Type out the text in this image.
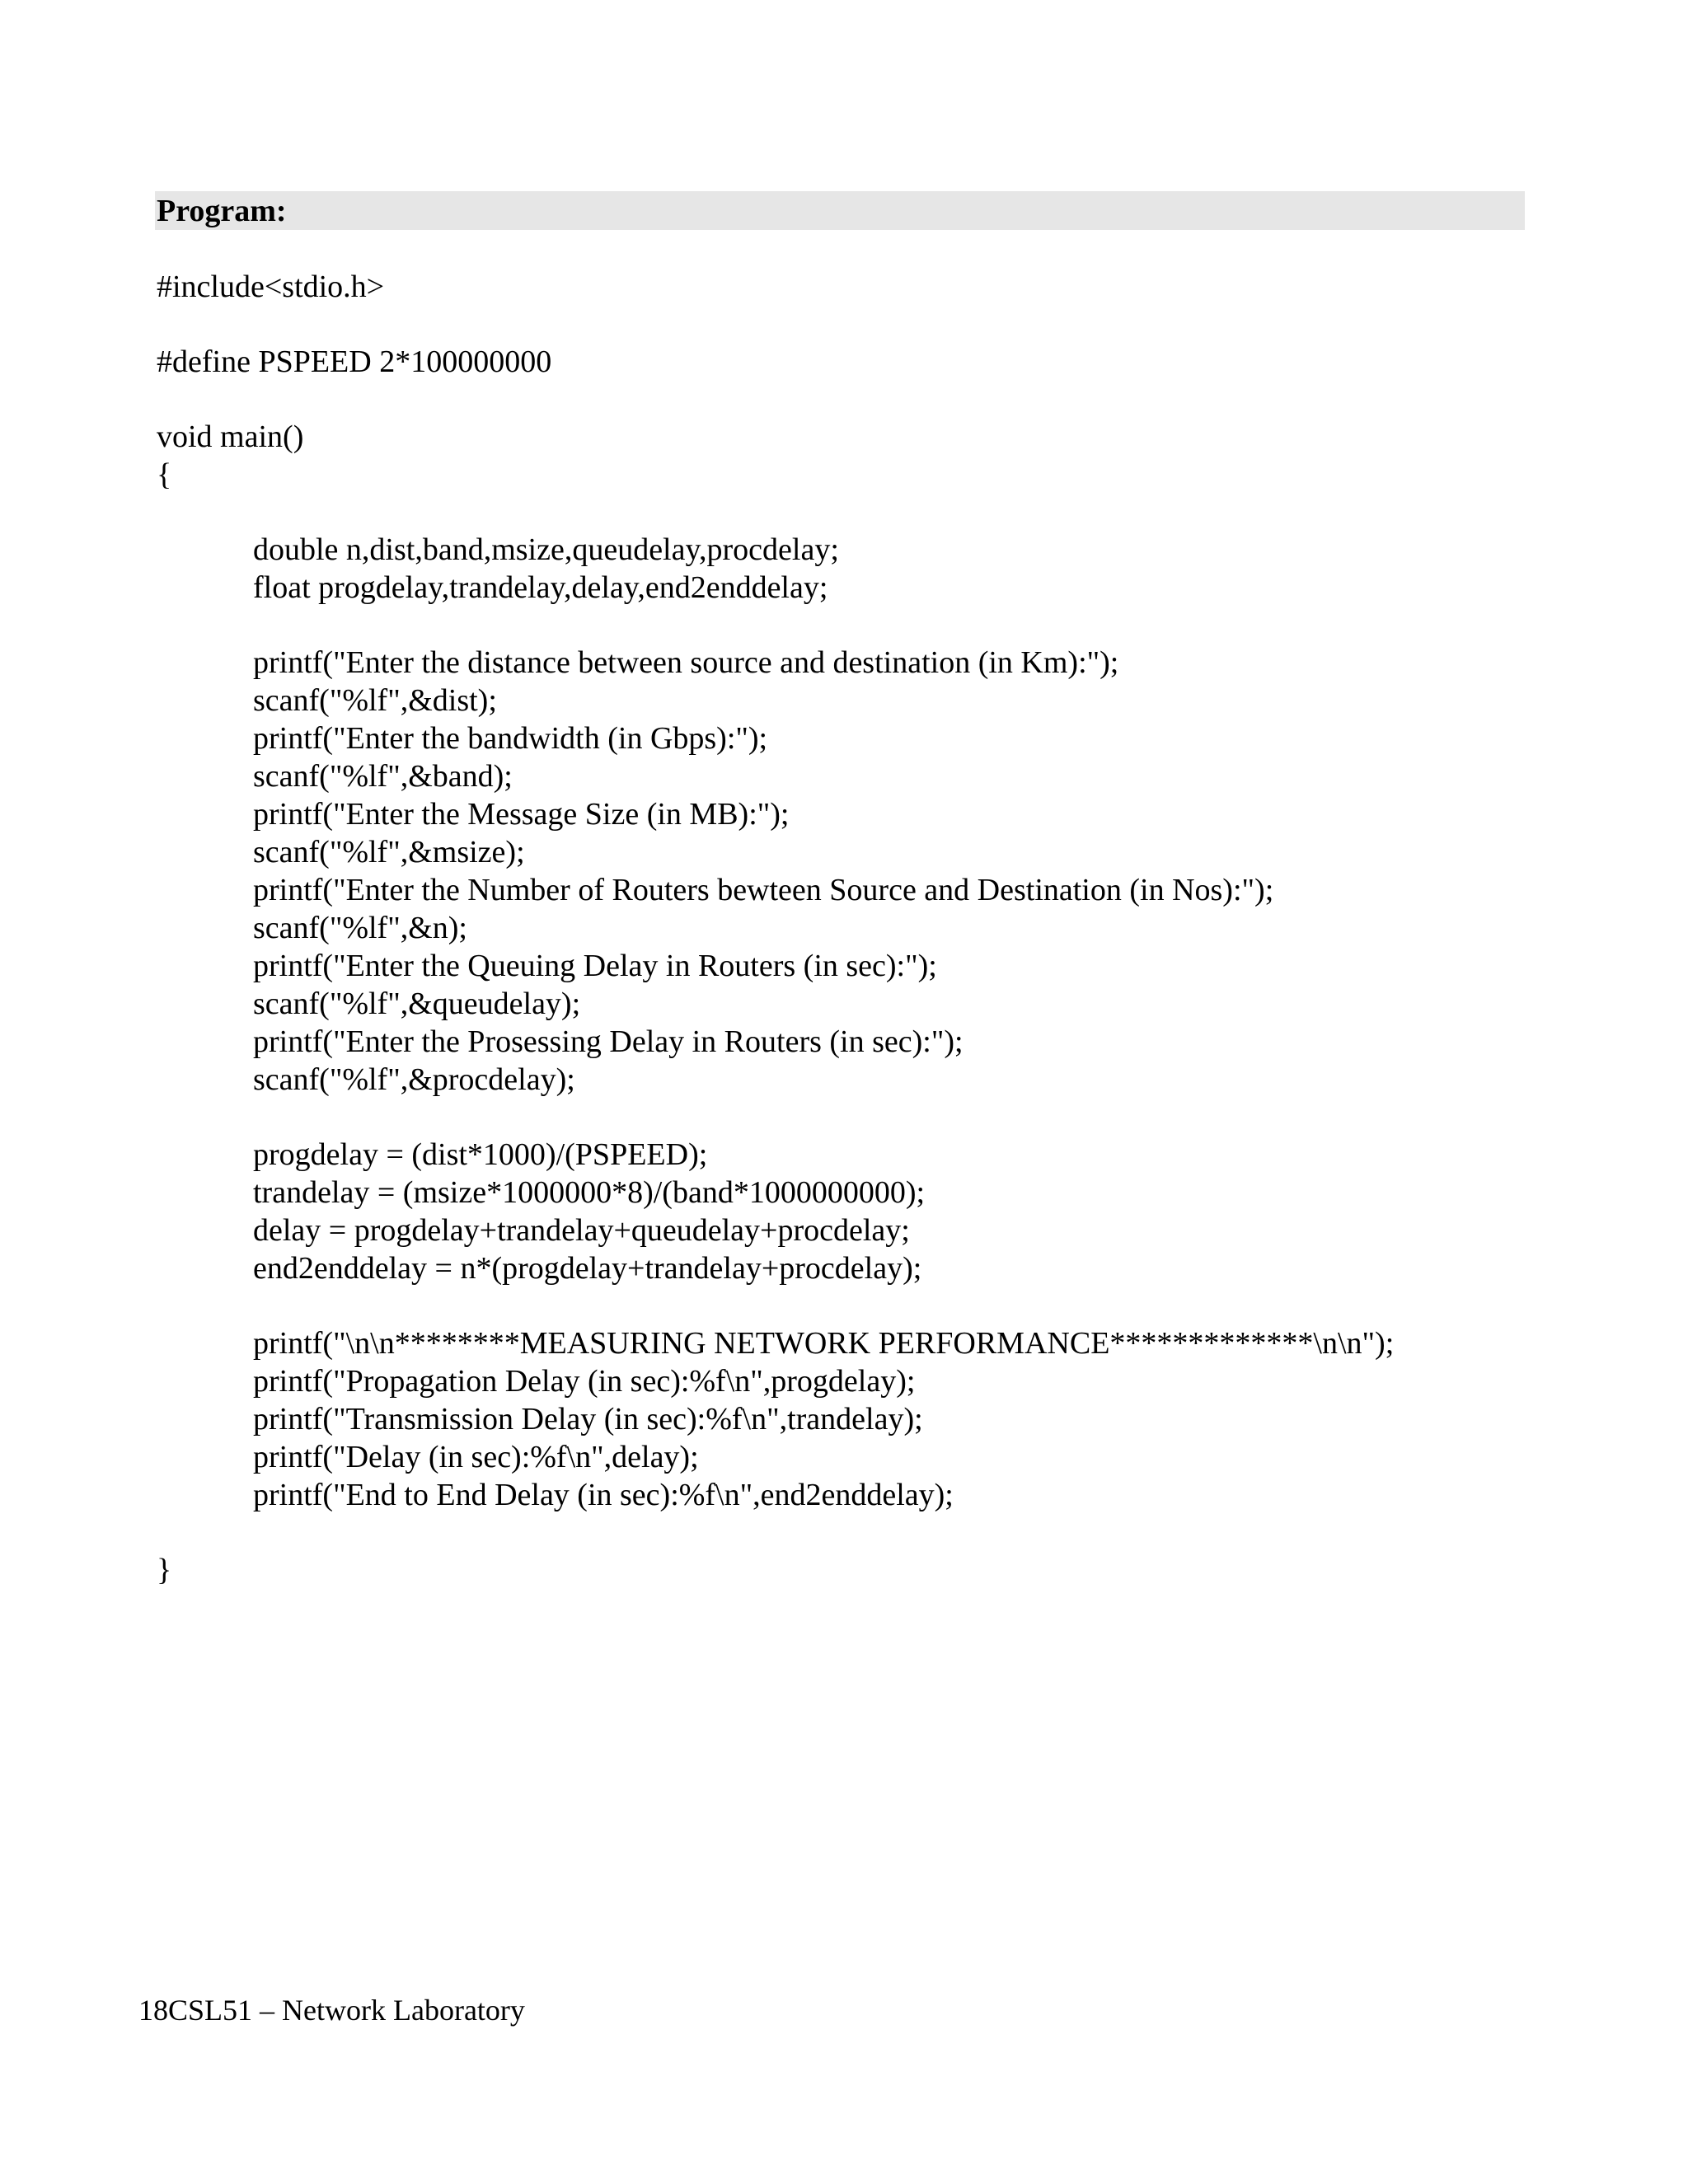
Program:
#include<stdio.h>
#define PSPEED 2*100000000
void main()
{
double n,dist,band,msize,queudelay,procdelay;
float progdelay,trandelay,delay,end2enddelay;
printf("Enter the distance between source and destination (in Km):");
scanf("%lf",&dist);
printf("Enter the bandwidth (in Gbps):");
scanf("%lf",&band);
printf("Enter the Message Size (in MB):");
scanf("%lf",&msize);
printf("Enter the Number of Routers bewteen Source and Destination (in Nos):");
scanf("%lf",&n);
printf("Enter the Queuing Delay in Routers (in sec):");
scanf("%lf",&queudelay);
printf("Enter the Prosessing Delay in Routers (in sec):");
scanf("%lf",&procdelay);
progdelay = (dist*1000)/(PSPEED);
trandelay = (msize*1000000*8)/(band*1000000000);
delay = progdelay+trandelay+queudelay+procdelay;
end2enddelay = n*(progdelay+trandelay+procdelay);
printf("\n\n********MEASURING NETWORK PERFORMANCE*************\n\n");
printf("Propagation Delay (in sec):%f\n",progdelay);
printf("Transmission Delay (in sec):%f\n",trandelay);
printf("Delay (in sec):%f\n",delay);
printf("End to End Delay (in sec):%f\n",end2enddelay);
}
18CSL51 – Network Laboratory
